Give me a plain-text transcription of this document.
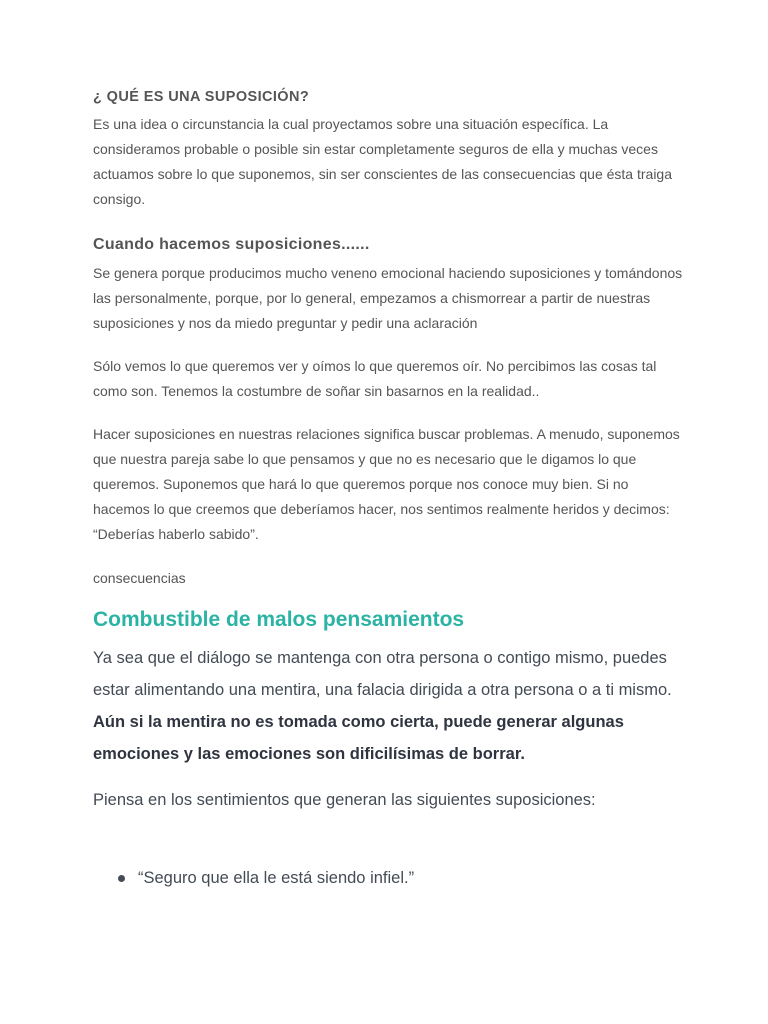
¿ QUÉ ES UNA SUPOSICIÓN?

Es una idea o circunstancia la cual proyectamos sobre una situación específica. La consideramos probable o posible sin estar completamente seguros de ella y muchas veces actuamos sobre lo que suponemos, sin ser conscientes de las consecuencias que ésta traiga consigo.

Cuando hacemos suposiciones......

Se genera porque producimos mucho veneno emocional haciendo suposiciones y tomándonos las personalmente, porque, por lo general, empezamos a chismorrear a partir de nuestras suposiciones y nos da miedo preguntar y pedir una aclaración

Sólo vemos lo que queremos ver y oímos lo que queremos oír. No percibimos las cosas tal como son. Tenemos la costumbre de soñar sin basarnos en la realidad..

Hacer suposiciones en nuestras relaciones significa buscar problemas. A menudo, suponemos que nuestra pareja sabe lo que pensamos y que no es necesario que le digamos lo que queremos. Suponemos que hará lo que queremos porque nos conoce muy bien. Si no hacemos lo que creemos que deberíamos hacer, nos sentimos realmente heridos y decimos: “Deberías haberlo sabido”.

consecuencias

Combustible de malos pensamientos

Ya sea que el diálogo se mantenga con otra persona o contigo mismo, puedes estar alimentando una mentira, una falacia dirigida a otra persona o a ti mismo. Aún si la mentira no es tomada como cierta, puede generar algunas emociones y las emociones son dificilísimas de borrar.

Piensa en los sentimientos que generan las siguientes suposiciones:

“Seguro que ella le está siendo infiel.”
